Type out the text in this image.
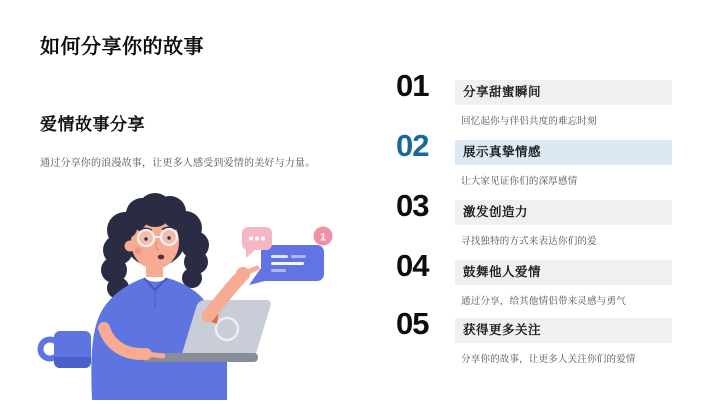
如何分享你的故事
爱情故事分享

通过分享你的浪漫故事，让更多人感受到爱情的美好与力量。

1
01	分享甜蜜瞬间
回忆起你与伴侣共度的难忘时刻
02	展示真挚情感
让大家见证你们的深厚感情
03	激发创造力
寻找独特的方式来表达你们的爱
04	鼓舞他人爱情
通过分享，给其他情侣带来灵感与勇气
05	获得更多关注
分享你的故事，让更多人关注你们的爱情
